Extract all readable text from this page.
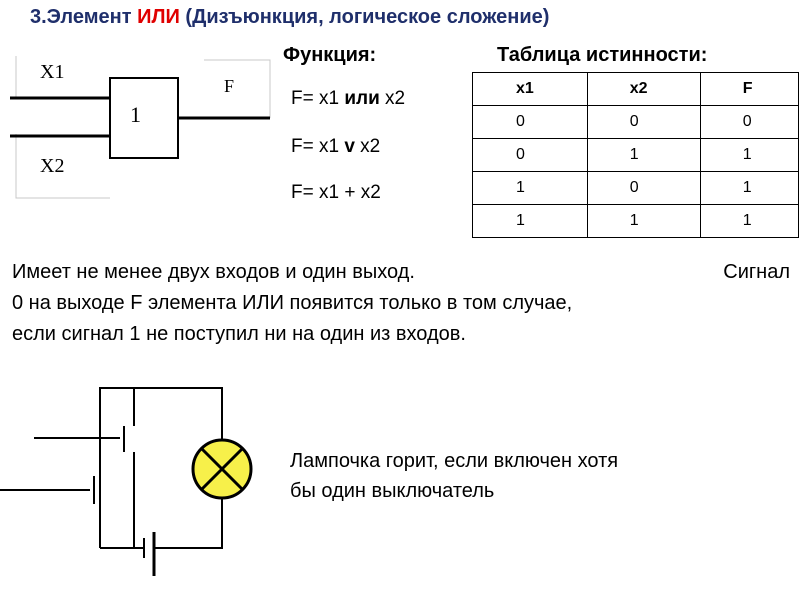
3.Элемент ИЛИ (Дизъюнкция, логическое сложение)
X1
X2
F
1
Функция:
F= x1 или x2
F= x1 v x2
F= x1 + x2
Таблица истинности:
x1	x2	F
0	0	0
0	1	1
1	0	1
1	1	1
Имеет не менее двух входов и один выход.	Сигнал
0 на выходе F элемента ИЛИ появится только в том случае,
если сигнал 1 не поступил ни на один из входов.
Лампочка горит, если включен хотя
бы один выключатель
